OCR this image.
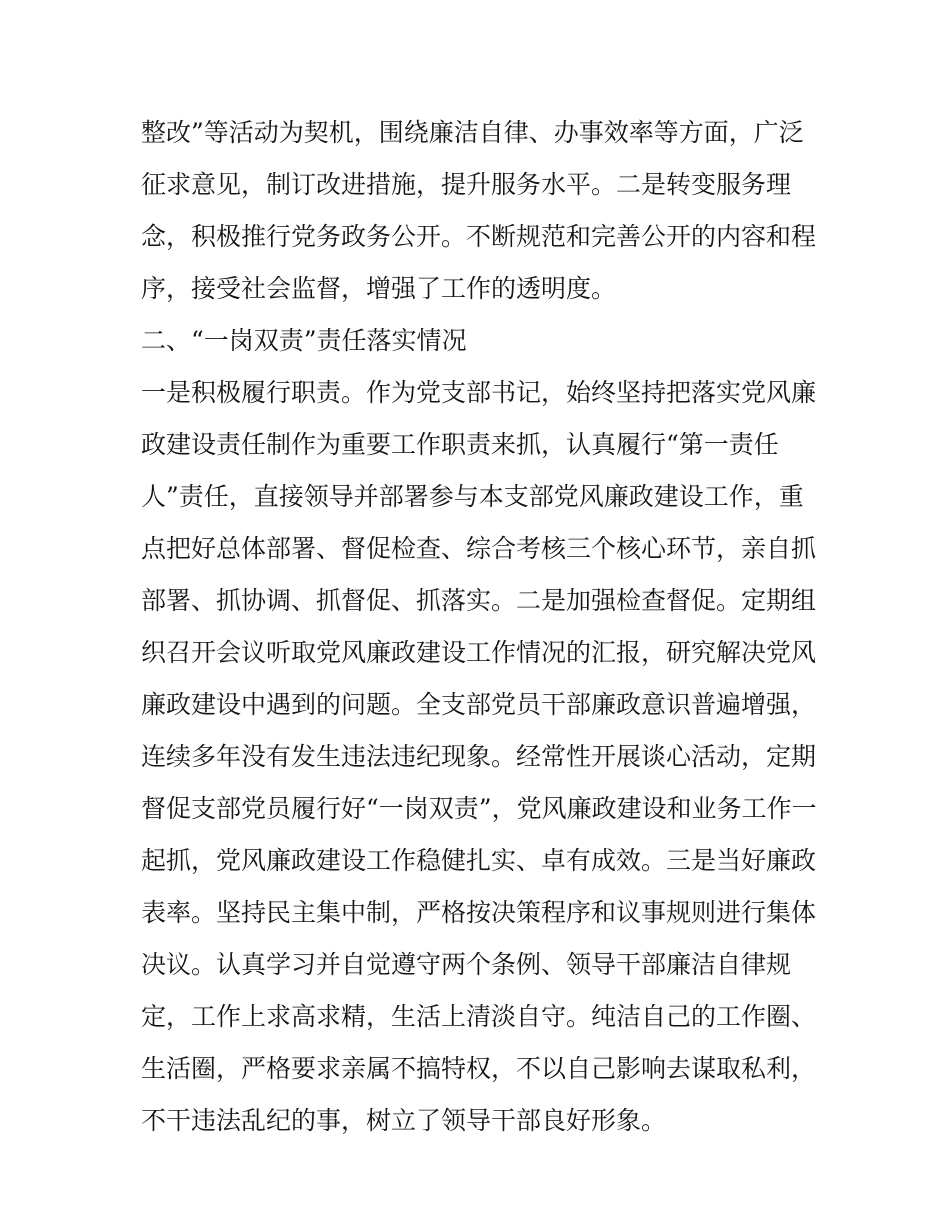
整改”等活动为契机，围绕廉洁自律、办事效率等方面，广泛
征求意见，制订改进措施，提升服务水平。二是转变服务理
念，积极推行党务政务公开。不断规范和完善公开的内容和程
序，接受社会监督，增强了工作的透明度。
二、“一岗双责”责任落实情况
一是积极履行职责。作为党支部书记，始终坚持把落实党风廉
政建设责任制作为重要工作职责来抓，认真履行“第一责任
人”责任，直接领导并部署参与本支部党风廉政建设工作，重
点把好总体部署、督促检查、综合考核三个核心环节，亲自抓
部署、抓协调、抓督促、抓落实。二是加强检查督促。定期组
织召开会议听取党风廉政建设工作情况的汇报，研究解决党风
廉政建设中遇到的问题。全支部党员干部廉政意识普遍增强，
连续多年没有发生违法违纪现象。经常性开展谈心活动，定期
督促支部党员履行好“一岗双责”，党风廉政建设和业务工作一
起抓，党风廉政建设工作稳健扎实、卓有成效。三是当好廉政
表率。坚持民主集中制，严格按决策程序和议事规则进行集体
决议。认真学习并自觉遵守两个条例、领导干部廉洁自律规
定，工作上求高求精，生活上清淡自守。纯洁自己的工作圈、
生活圈，严格要求亲属不搞特权，不以自己影响去谋取私利，
不干违法乱纪的事，树立了领导干部良好形象。
